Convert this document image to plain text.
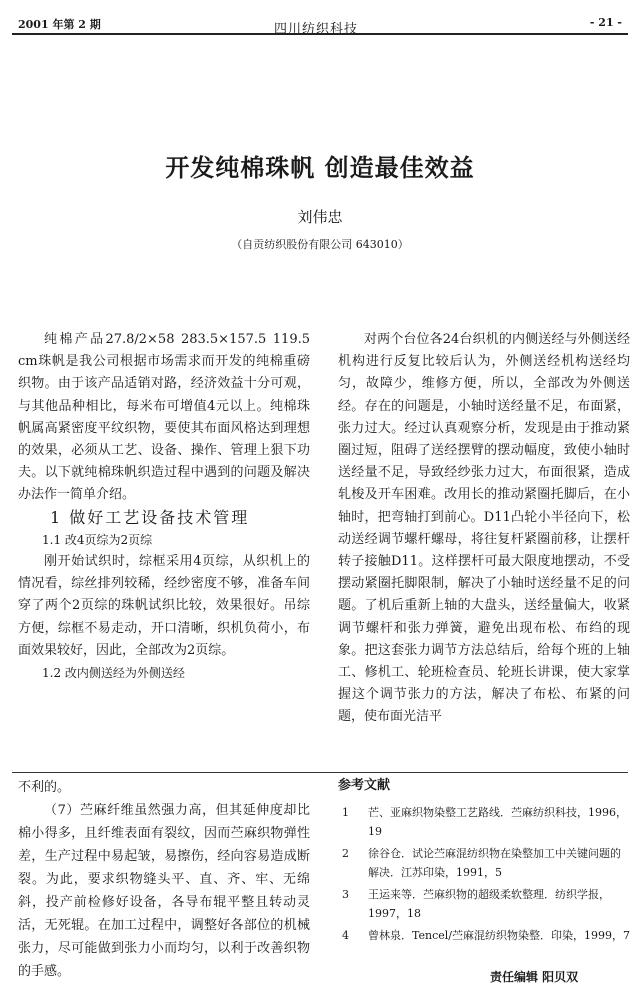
2001 年第 2 期	四川纺织科技	- 21 -
开发纯棉珠帆 创造最佳效益
刘伟忠
（自贡纺织股份有限公司 643010）

纯棉产品27.8/2×58 283.5×157.5 119.5 cm珠帆是我公司根据市场需求而开发的纯棉重磅织物。由于该产品适销对路，经济效益十分可观，与其他品种相比，每米布可增值4元以上。纯棉珠帆属高紧密度平纹织物，要使其布面风格达到理想的效果，必须从工艺、设备、操作、管理上狠下功夫。以下就纯棉珠帆织造过程中遇到的问题及解决办法作一简单介绍。

1 做好工艺设备技术管理

1.1 改4页综为2页综

刚开始试织时，综框采用4页综，从织机上的情况看，综丝排列较稀，经纱密度不够，准备车间穿了两个2页综的珠帆试织比较，效果很好。吊综方便，综框不易走动，开口清晰，织机负荷小，布面效果较好，因此，全部改为2页综。

1.2 改内侧送经为外侧送经

对两个台位各24台织机的内侧送经与外侧送经机构进行反复比较后认为，外侧送经机构送经均匀，故障少，维修方便，所以，全部改为外侧送经。存在的问题是，小轴时送经量不足，布面紧，张力过大。经过认真观察分析，发现是由于推动紧圈过短，阻碍了送经摆臂的摆动幅度，致使小轴时送经量不足，导致经纱张力过大，布面很紧，造成轧梭及开车困难。改用长的推动紧圈托脚后，在小轴时，把弯轴打到前心。D11凸轮小半径向下，松动送经调节螺杆螺母，将往复杆紧圈前移，让摆杆转子接触D11。这样摆杆可最大限度地摆动，不受摆动紧圈托脚限制，解决了小轴时送经量不足的问题。了机后重新上轴的大盘头，送经量偏大，收紧调节螺杆和张力弹簧，避免出现布松、布绉的现象。把这套张力调节方法总结后，给每个班的上轴工、修机工、轮班检查员、轮班长讲课，使大家掌握这个调节张力的方法，解决了布松、布紧的问题，使布面光洁平

不利的。

（7）苎麻纤维虽然强力高，但其延伸度却比棉小得多，且纤维表面有裂纹，因而苎麻织物弹性差，生产过程中易起皱，易擦伤，经向容易造成断裂。为此，要求织物缝头平、直、齐、牢、无绵斜，投产前检修好设备，各导布辊平整且转动灵活，无死辊。在加工过程中，调整好各部位的机械张力，尽可能做到张力小而均匀，以利于改善织物的手感。

参考文献
1 芒、亚麻织物染整工艺路线．苎麻纺织科技，1996，19
2 徐谷仓．试论苎麻混纺织物在染整加工中关键问题的解决．江苏印染，1991，5
3 王运来等．苎麻织物的超级柔软整理．纺织学报，1997，18
4 曾林泉．Tencel/苎麻混纺织物染整．印染，1999，7
责任编辑 阳贝双
